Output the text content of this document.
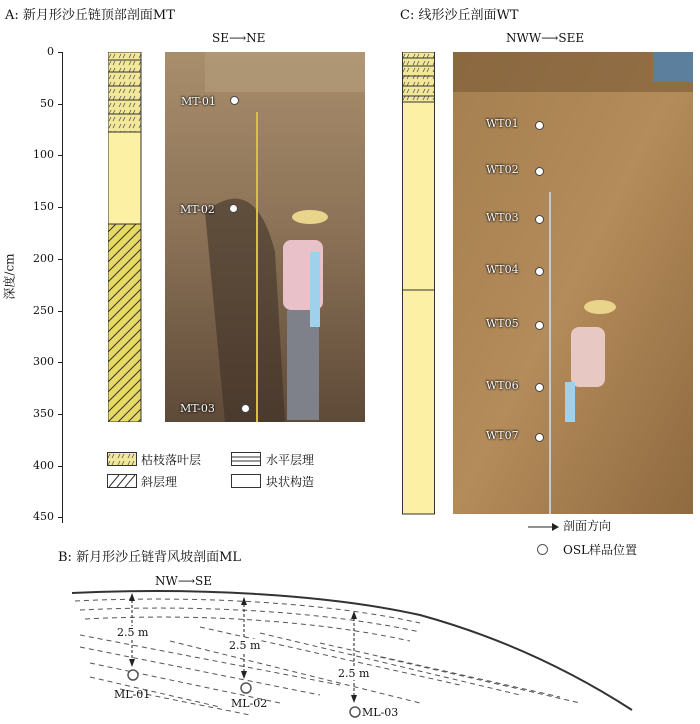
A: 新月形沙丘链顶部剖面MT
SE⟶NE
0
50
100
150
200
250
300
350
400
450
深度/cm
MT-01
MT-02
MT-03
枯枝落叶层	水平层理
斜层理	块状构造
C: 线形沙丘剖面WT
NWW⟶SEE
WT01
WT02
WT03
WT04
WT05
WT06
WT07
剖面方向
OSL样品位置
B: 新月形沙丘链背风坡剖面ML
NW⟶SE
2.5 m
2.5 m
2.5 m
ML-01
ML-02
ML-03
